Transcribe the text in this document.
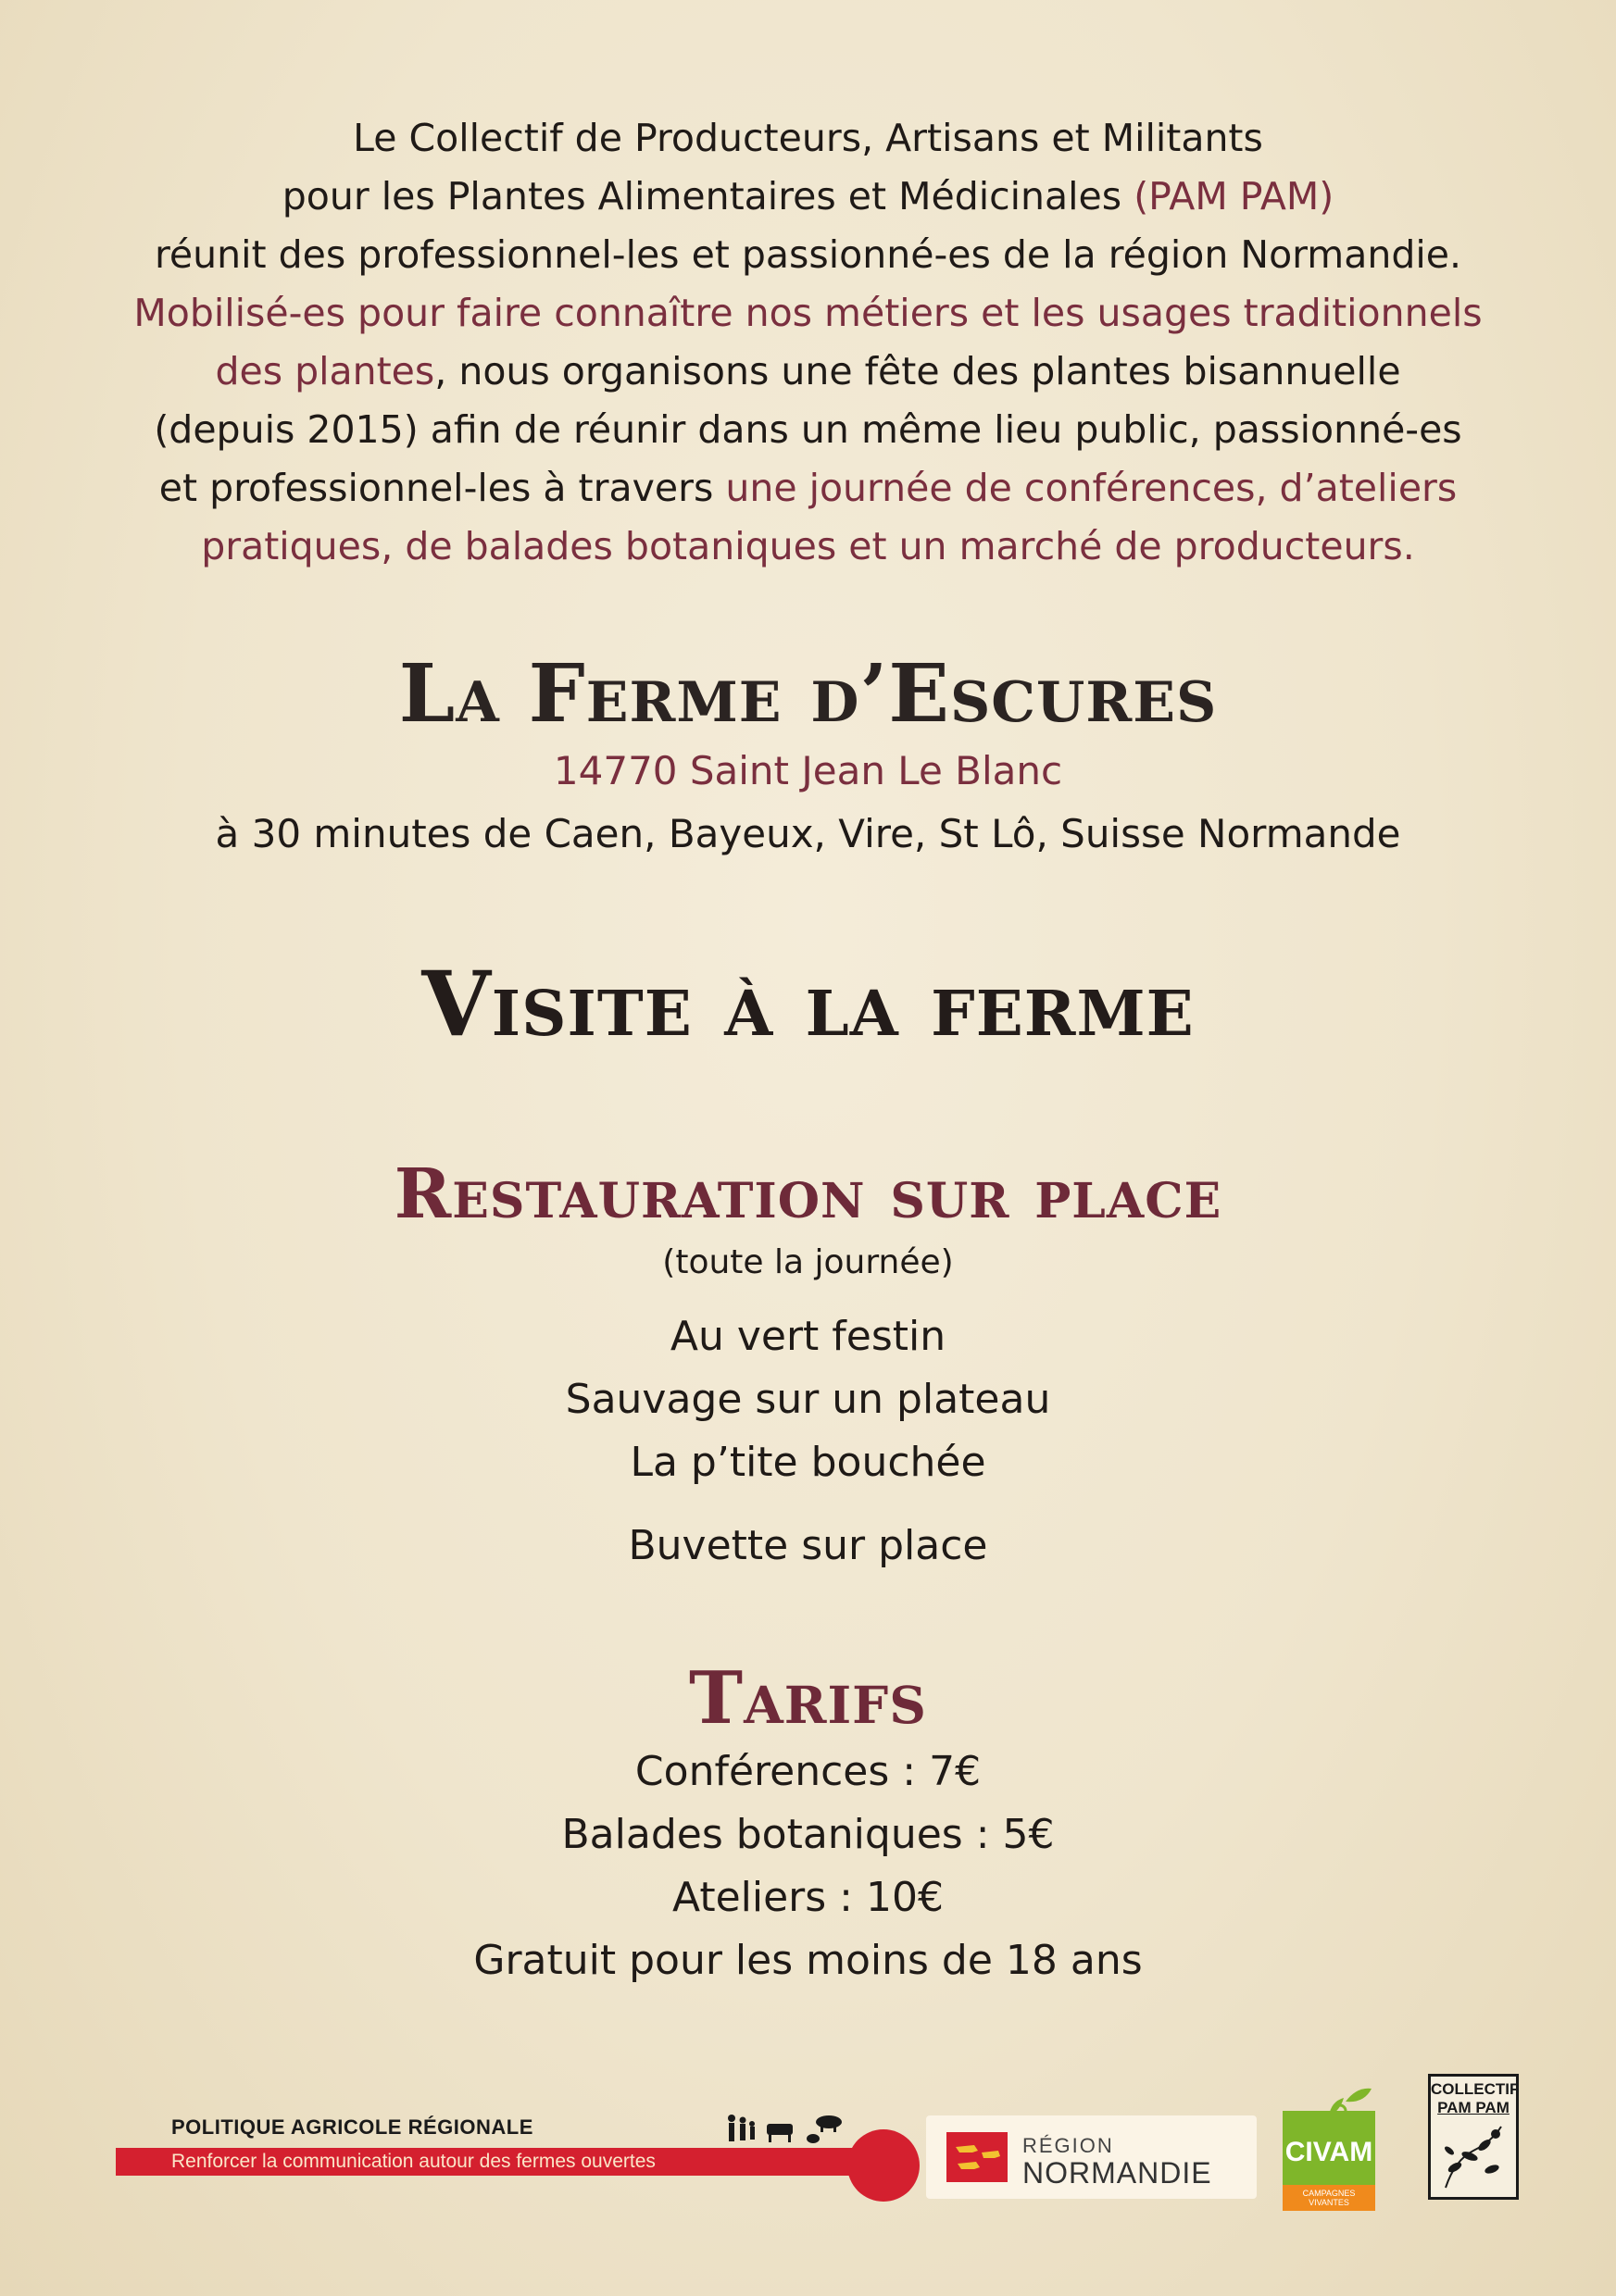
Le Collectif de Producteurs, Artisans et Militants
pour les Plantes Alimentaires et Médicinales (PAM PAM)
réunit des professionnel-les et passionné-es de la région Normandie.
Mobilisé-es pour faire connaître nos métiers et les usages traditionnels
des plantes, nous organisons une fête des plantes bisannuelle
(depuis 2015) afin de réunir dans un même lieu public, passionné-es
et professionnel-les à travers une journée de conférences, d’ateliers
pratiques, de balades botaniques et un marché de producteurs.
La Ferme d’Escures
14770 Saint Jean Le Blanc
à 30 minutes de Caen, Bayeux, Vire, St Lô, Suisse Normande
Visite à la ferme
Restauration sur place
(toute la journée)
Au vert festin
Sauvage sur un plateau
La p’tite bouchée
Buvette sur place
Tarifs
Conférences : 7€
Balades botaniques : 5€
Ateliers : 10€
Gratuit pour les moins de 18 ans
POLITIQUE AGRICOLE RÉGIONALE
Renforcer la communication autour des fermes ouvertes
RÉGION
NORMANDIE
CIVAM
CAMPAGNES VIVANTES
COLLECTIF
PAM PAM
